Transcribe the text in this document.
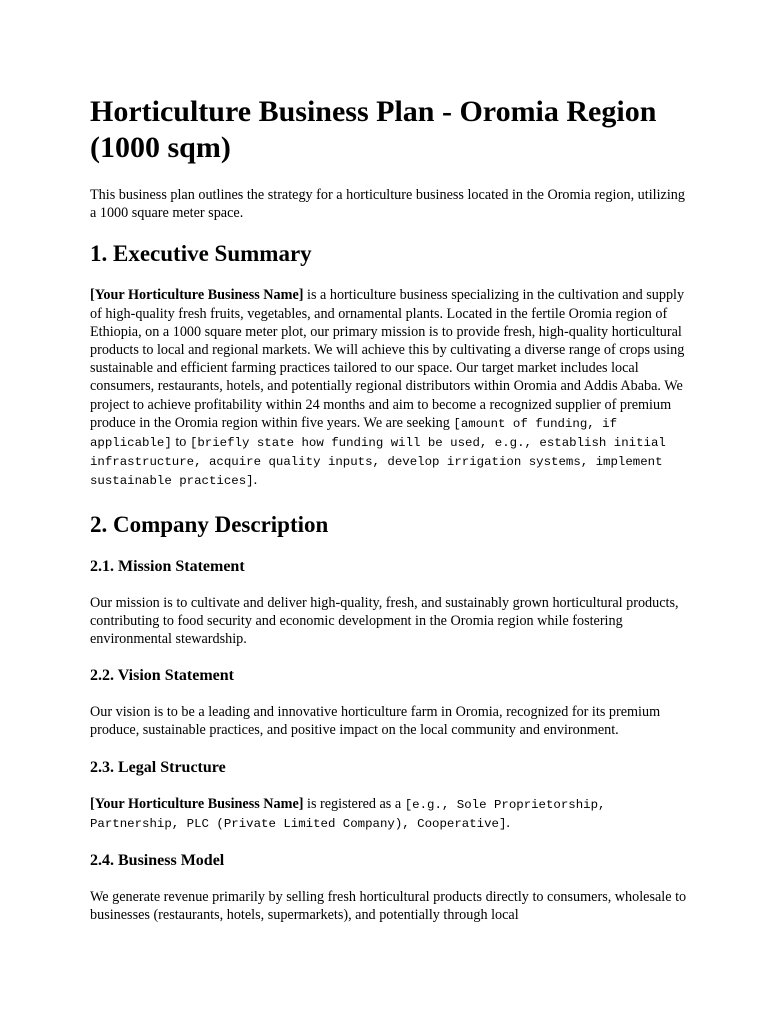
Horticulture Business Plan - Oromia Region (1000 sqm)

This business plan outlines the strategy for a horticulture business located in the Oromia region, utilizing a 1000 square meter space.

1. Executive Summary

[Your Horticulture Business Name] is a horticulture business specializing in the cultivation and supply of high-quality fresh fruits, vegetables, and ornamental plants. Located in the fertile Oromia region of Ethiopia, on a 1000 square meter plot, our primary mission is to provide fresh, high-quality horticultural products to local and regional markets. We will achieve this by cultivating a diverse range of crops using sustainable and efficient farming practices tailored to our space. Our target market includes local consumers, restaurants, hotels, and potentially regional distributors within Oromia and Addis Ababa. We project to achieve profitability within 24 months and aim to become a recognized supplier of premium produce in the Oromia region within five years. We are seeking [amount of funding, if applicable] to [briefly state how funding will be used, e.g., establish initial infrastructure, acquire quality inputs, develop irrigation systems, implement sustainable practices].

2. Company Description
2.1. Mission Statement

Our mission is to cultivate and deliver high-quality, fresh, and sustainably grown horticultural products, contributing to food security and economic development in the Oromia region while fostering environmental stewardship.

2.2. Vision Statement

Our vision is to be a leading and innovative horticulture farm in Oromia, recognized for its premium produce, sustainable practices, and positive impact on the local community and environment.

2.3. Legal Structure

[Your Horticulture Business Name] is registered as a [e.g., Sole Proprietorship, Partnership, PLC (Private Limited Company), Cooperative].

2.4. Business Model

We generate revenue primarily by selling fresh horticultural products directly to consumers, wholesale to businesses (restaurants, hotels, supermarkets), and potentially through local
